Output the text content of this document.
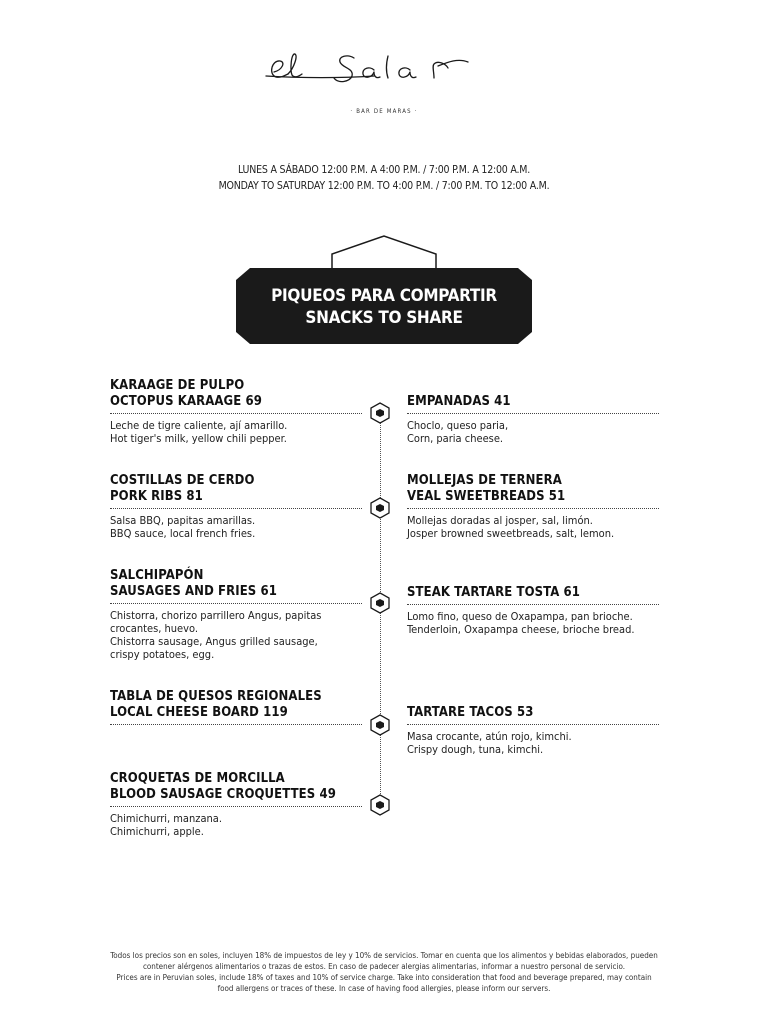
· BAR DE MARAS ·
LUNES A SÁBADO 12:00 P.M. A 4:00 P.M. / 7:00 P.M. A 12:00 A.M.
MONDAY TO SATURDAY 12:00 P.M. TO 4:00 P.M. / 7:00 P.M. TO 12:00 A.M.
PIQUEOS PARA COMPARTIR
SNACKS TO SHARE
KARAAGE DE PULPO
OCTOPUS KARAAGE 69
Leche de tigre caliente, ají amarillo.
Hot tiger's milk, yellow chili pepper.
COSTILLAS DE CERDO
PORK RIBS 81
Salsa BBQ, papitas amarillas.
BBQ sauce, local french fries.
SALCHIPAPÓN
SAUSAGES AND FRIES 61
Chistorra, chorizo parrillero Angus, papitas
crocantes, huevo.
Chistorra sausage, Angus grilled sausage,
crispy potatoes, egg.
TABLA DE QUESOS REGIONALES
LOCAL CHEESE BOARD 119
CROQUETAS DE MORCILLA
BLOOD SAUSAGE CROQUETTES 49
Chimichurri, manzana.
Chimichurri, apple.
EMPANADAS 41
Choclo, queso paria,
Corn, paria cheese.
MOLLEJAS DE TERNERA
VEAL SWEETBREADS 51
Mollejas doradas al josper, sal, limón.
Josper browned sweetbreads, salt, lemon.
STEAK TARTARE TOSTA 61
Lomo fino, queso de Oxapampa, pan brioche.
Tenderloin, Oxapampa cheese, brioche bread.
TARTARE TACOS 53
Masa crocante, atún rojo, kimchi.
Crispy dough, tuna, kimchi.
Todos los precios son en soles, incluyen 18% de impuestos de ley y 10% de servicios. Tomar en cuenta que los alimentos y bebidas elaborados, pueden
contener alérgenos alimentarios o trazas de estos. En caso de padecer alergias alimentarias, informar a nuestro personal de servicio.
Prices are in Peruvian soles, include 18% of taxes and 10% of service charge. Take into consideration that food and beverage prepared, may contain
food allergens or traces of these. In case of having food allergies, please inform our servers.
